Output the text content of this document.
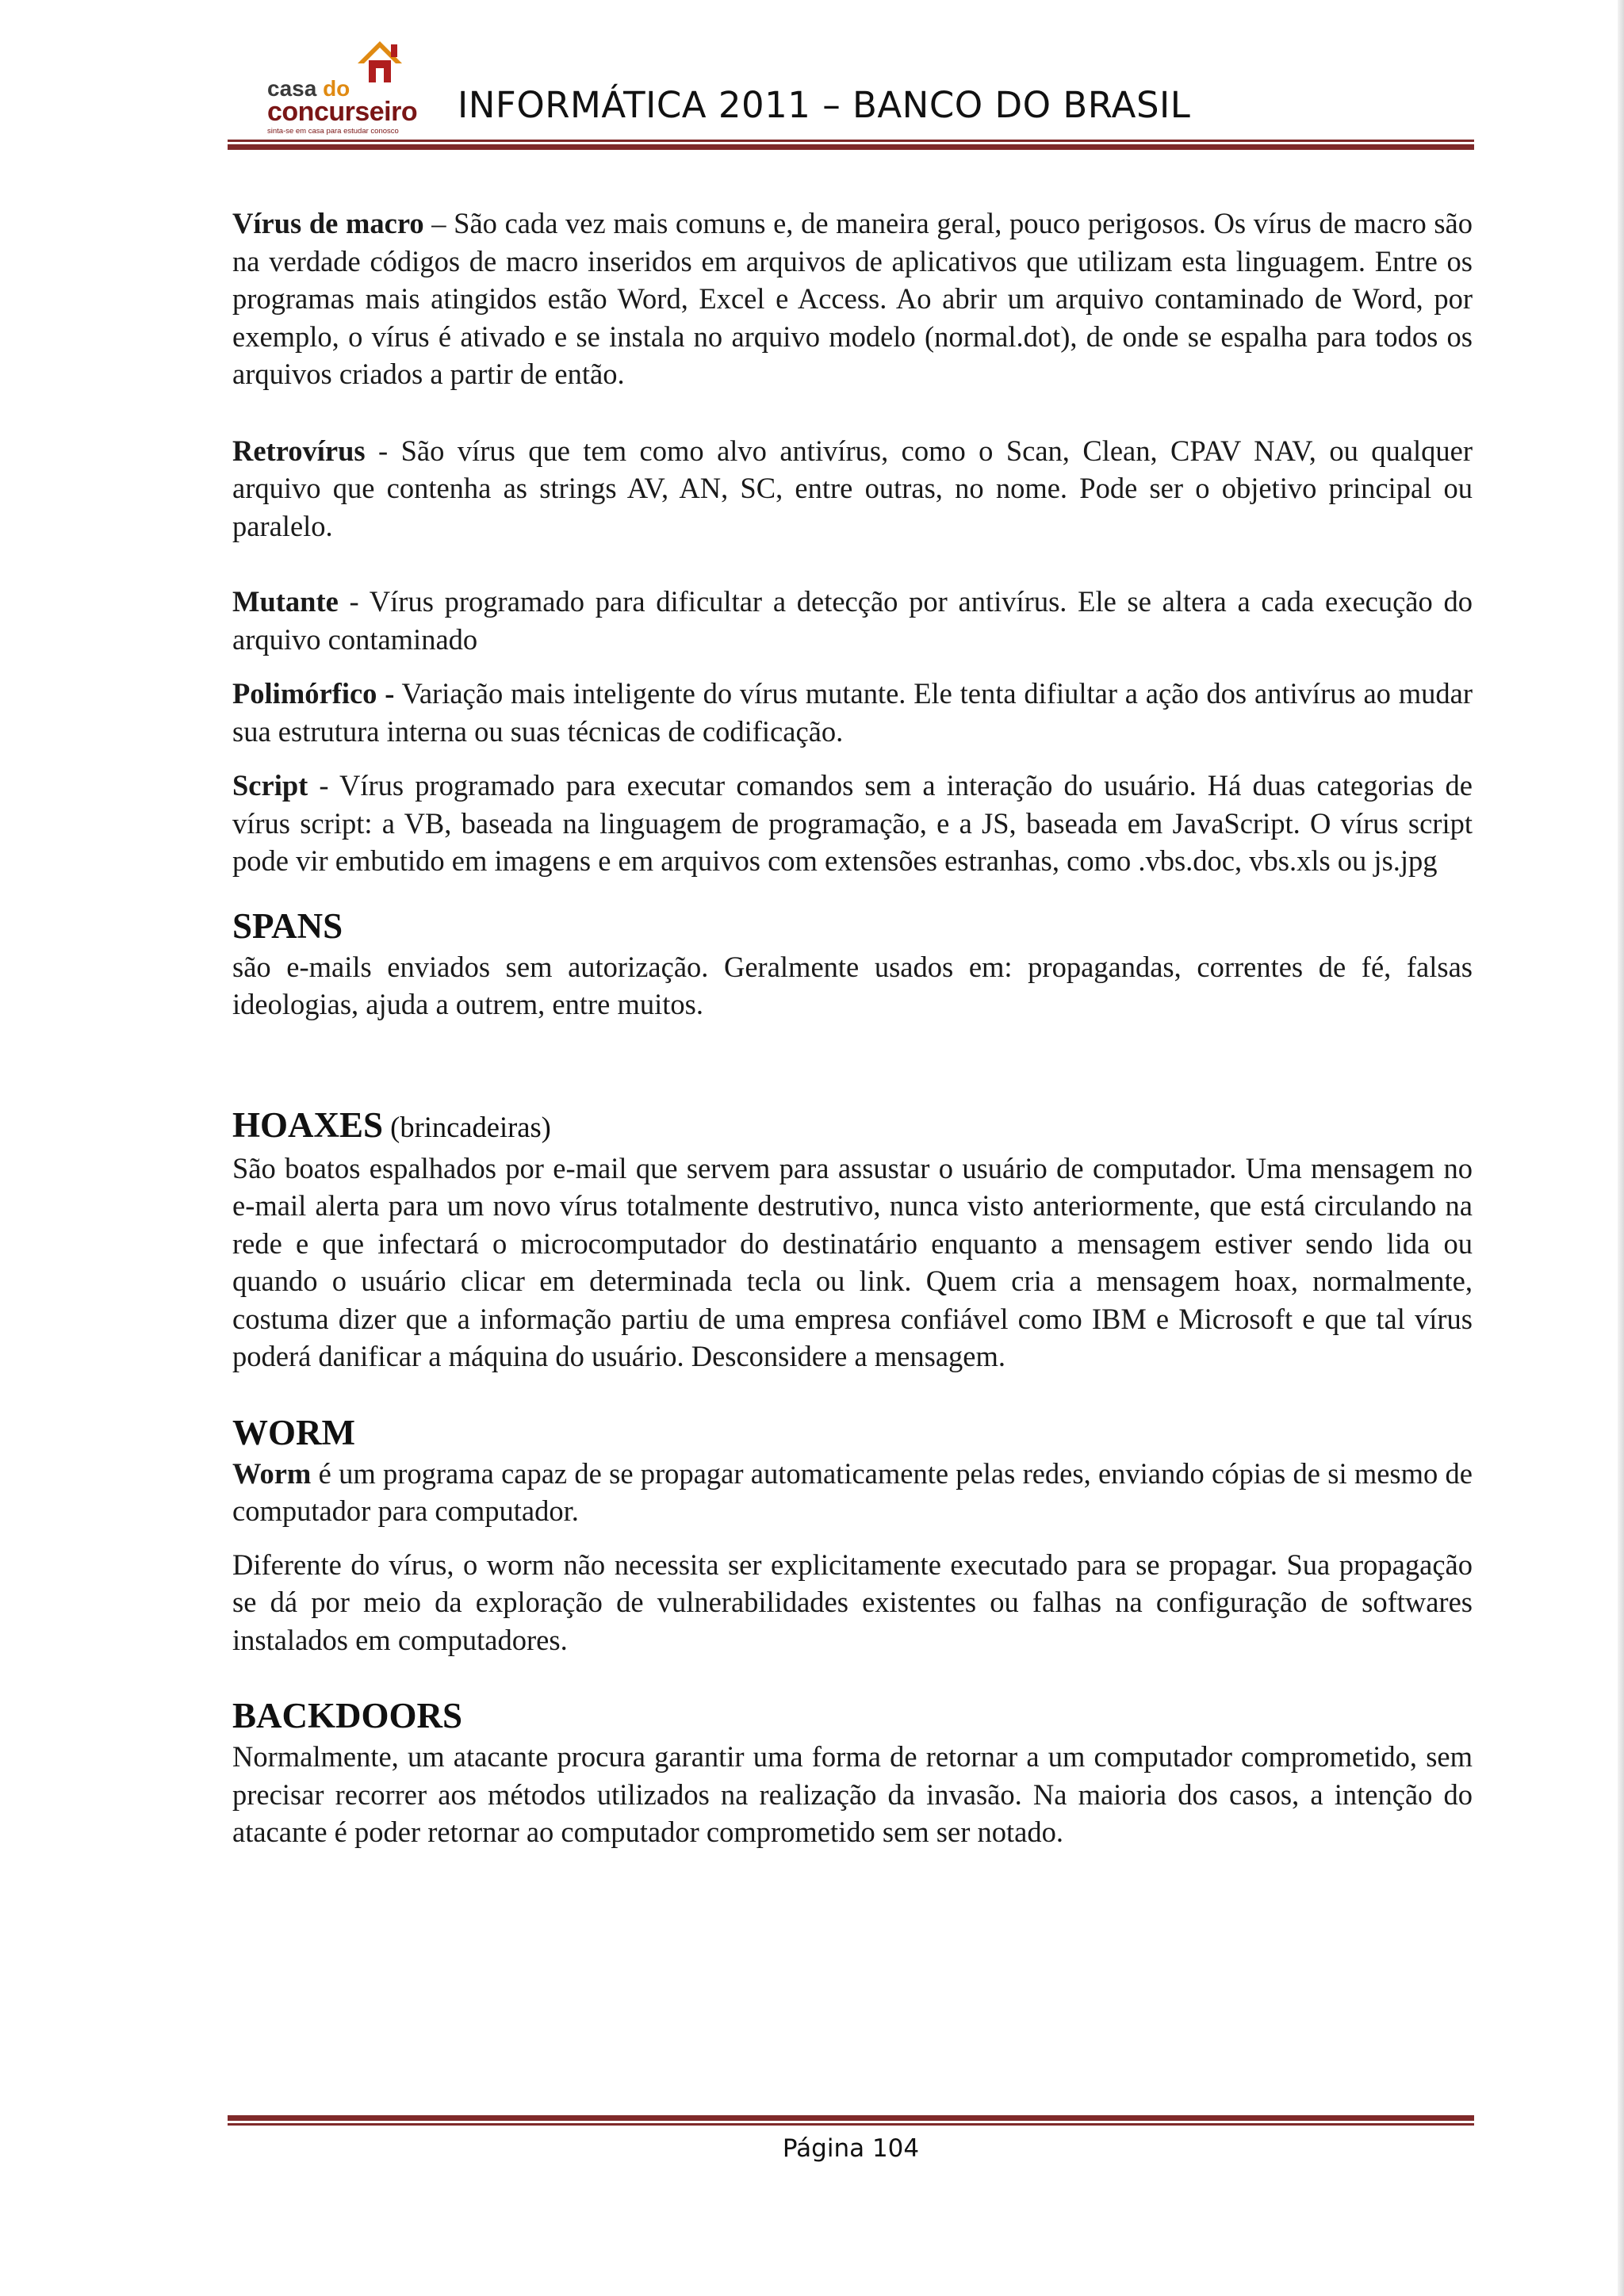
casa do
concurseiro
sinta-se em casa para estudar conosco
INFORMÁTICA 2011 – BANCO DO BRASIL

Vírus de macro – São cada vez mais comuns e, de maneira geral, pouco perigosos. Os vírus de macro são na verdade códigos de macro inseridos em arquivos de aplicativos que utilizam esta linguagem. Entre os programas mais atingidos estão Word, Excel e Access. Ao abrir um arquivo contaminado de Word, por exemplo, o vírus é ativado e se instala no arquivo modelo (normal.dot), de onde se espalha para todos os arquivos criados a partir de então.

Retrovírus - São vírus que tem como alvo antivírus, como o Scan, Clean, CPAV NAV, ou qualquer arquivo que contenha as strings AV, AN, SC, entre outras, no nome. Pode ser o objetivo principal ou paralelo.

Mutante - Vírus programado para dificultar a detecção por antivírus. Ele se altera a cada execução do arquivo contaminado

Polimórfico - Variação mais inteligente do vírus mutante. Ele tenta difiultar a ação dos antivírus ao mudar sua estrutura interna ou suas técnicas de codificação.

Script - Vírus programado para executar comandos sem a interação do usuário. Há duas categorias de vírus script: a VB, baseada na linguagem de programação, e a JS, baseada em JavaScript. O vírus script pode vir embutido em imagens e em arquivos com extensões estranhas, como .vbs.doc, vbs.xls ou js.jpg

SPANS

são e-mails enviados sem autorização. Geralmente usados em: propagandas, correntes de fé, falsas ideologias, ajuda a outrem, entre muitos.

HOAXES (brincadeiras)

São boatos espalhados por e-mail que servem para assustar o usuário de computador. Uma mensagem no e-mail alerta para um novo vírus totalmente destrutivo, nunca visto anteriormente, que está circulando na rede e que infectará o microcomputador do destinatário enquanto a mensagem estiver sendo lida ou quando o usuário clicar em determinada tecla ou link. Quem cria a mensagem hoax, normalmente, costuma dizer que a informação partiu de uma empresa confiável como IBM e Microsoft e que tal vírus poderá danificar a máquina do usuário. Desconsidere a mensagem.

WORM

Worm é um programa capaz de se propagar automaticamente pelas redes, enviando cópias de si mesmo de computador para computador.

Diferente do vírus, o worm não necessita ser explicitamente executado para se propagar. Sua propagação se dá por meio da exploração de vulnerabilidades existentes ou falhas na configuração de softwares instalados em computadores.

BACKDOORS

Normalmente, um atacante procura garantir uma forma de retornar a um computador comprometido, sem precisar recorrer aos métodos utilizados na realização da invasão. Na maioria dos casos, a intenção do atacante é poder retornar ao computador comprometido sem ser notado.

Página 104
